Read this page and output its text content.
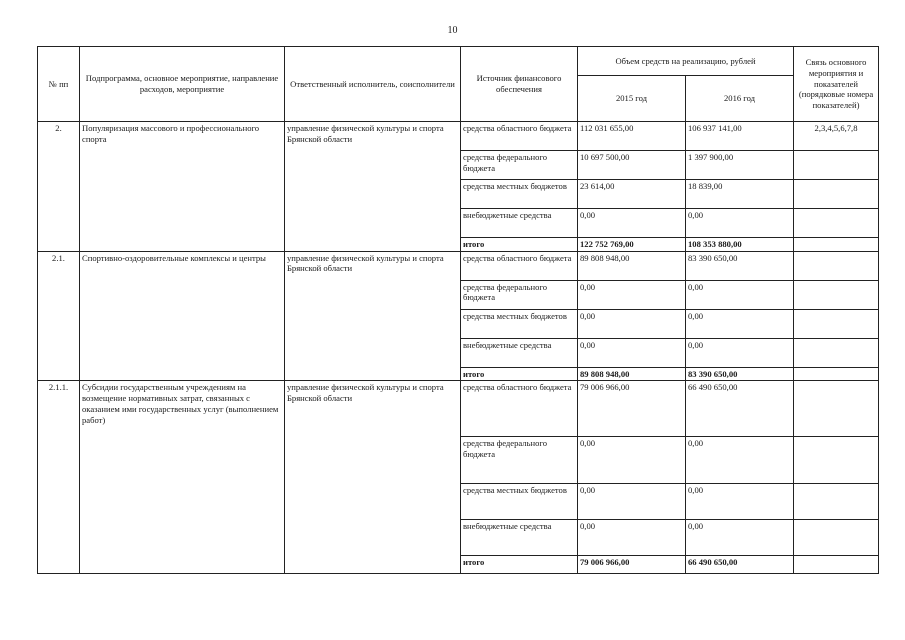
10
№ пп	Подпрограмма, основное мероприятие, направление расходов, мероприятие	Ответственный исполнитель, соисполнители	Источник финансового обеспечения	Объем средств на реализацию, рублей		Связь основного мероприятия и показателей (порядковые номера показателей)
				2015 год	2016 год	
2.	Популяризация массового и профессионального спорта	управление физической культуры и спорта Брянской области	средства областного бюджета	112 031 655,00	106 937 141,00	2,3,4,5,6,7,8
			средства федерального бюджета	10 697 500,00	1 397 900,00	
			средства местных бюджетов	23 614,00	18 839,00	
			внебюджетные средства	0,00	0,00	
			итого	122 752 769,00	108 353 880,00	
2.1.	Спортивно-оздоровительные комплексы и центры	управление физической культуры и спорта Брянской области	средства областного бюджета	89 808 948,00	83 390 650,00	
			средства федерального бюджета	0,00	0,00	
			средства местных бюджетов	0,00	0,00	
			внебюджетные средства	0,00	0,00	
			итого	89 808 948,00	83 390 650,00	
2.1.1.	Субсидии государственным учреждениям на возмещение нормативных затрат, связанных с оказанием ими государственных услуг (выполнением работ)	управление физической культуры и спорта Брянской области	средства областного бюджета	79 006 966,00	66 490 650,00	
			средства федерального бюджета	0,00	0,00	
			средства местных бюджетов	0,00	0,00	
			внебюджетные средства	0,00	0,00	
			итого	79 006 966,00	66 490 650,00	
